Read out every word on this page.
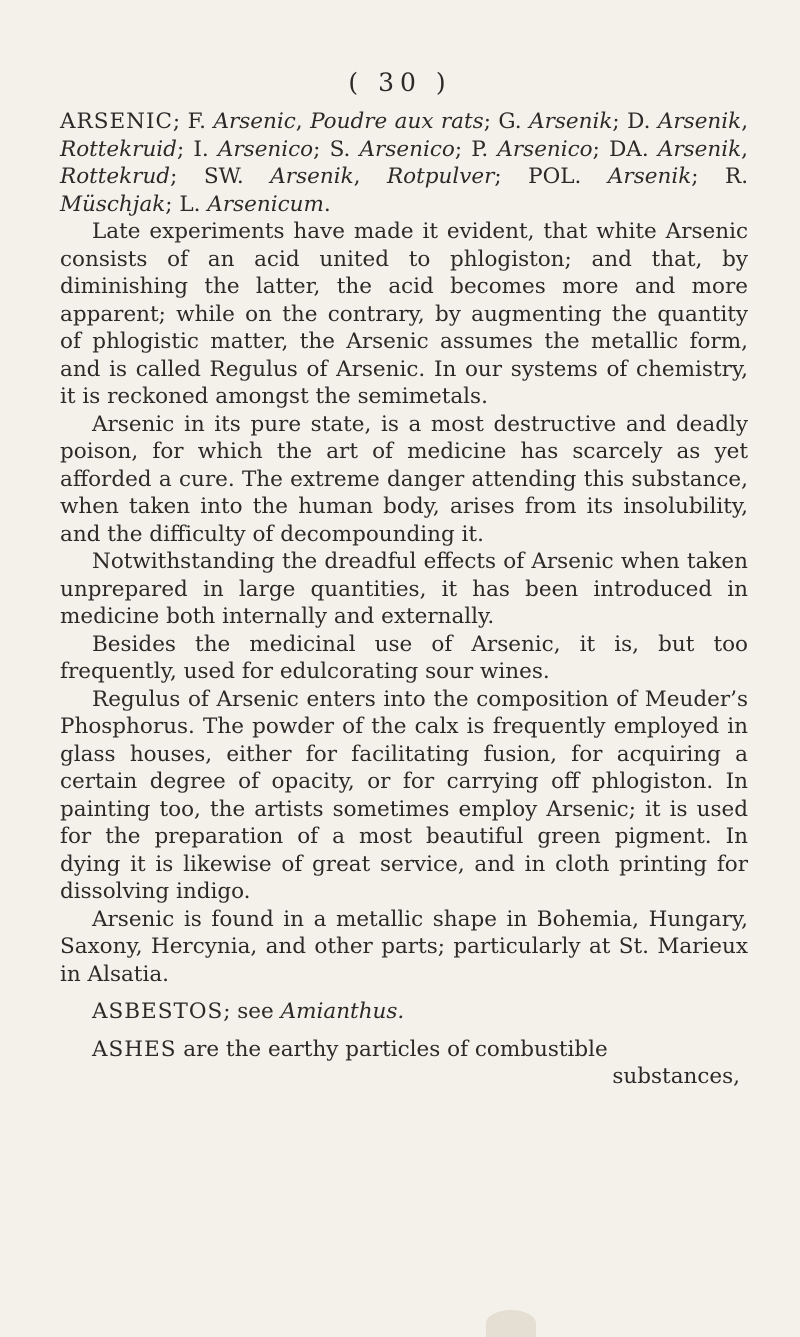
( 30 )

ARSENIC; F. Arsenic, Poudre aux rats; G. Arsenik; D. Arsenik, Rottekruid; I. Arsenico; S. Arsenico; P. Arsenico; DA. Arsenik, Rottekrud; SW. Arsenik, Rotpulver; POL. Arsenik; R. Müschjak; L. Arsenicum.

Late experiments have made it evident, that white Arsenic consists of an acid united to phlogiston; and that, by diminishing the latter, the acid becomes more and more apparent; while on the contrary, by augmenting the quantity of phlogistic matter, the Arsenic assumes the metallic form, and is called Regulus of Arsenic. In our systems of chemistry, it is reckoned amongst the semimetals.

Arsenic in its pure state, is a most destructive and deadly poison, for which the art of medicine has scarcely as yet afforded a cure. The extreme danger attending this substance, when taken into the human body, arises from its insolubility, and the difficulty of decompounding it.

Notwithstanding the dreadful effects of Arsenic when taken unprepared in large quantities, it has been introduced in medicine both internally and externally.

Besides the medicinal use of Arsenic, it is, but too frequently, used for edulcorating sour wines.

Regulus of Arsenic enters into the composition of Meuder’s Phosphorus. The powder of the calx is frequently employed in glass houses, either for facilitating fusion, for acquiring a certain degree of opacity, or for carrying off phlogiston. In painting too, the artists sometimes employ Arsenic; it is used for the preparation of a most beautiful green pigment. In dying it is likewise of great service, and in cloth printing for dissolving indigo.

Arsenic is found in a metallic shape in Bohemia, Hungary, Saxony, Hercynia, and other parts; particularly at St. Marieux in Alsatia.

ASBESTOS; see Amianthus.

ASHES are the earthy particles of combustible

substances,
